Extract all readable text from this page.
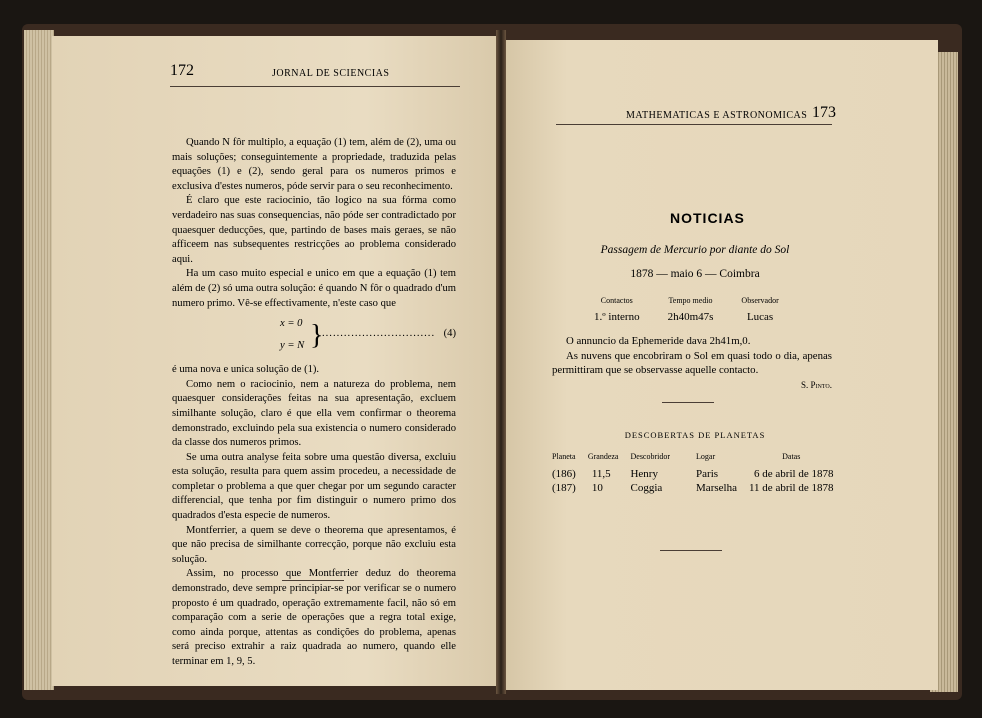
172	JORNAL DE SCIENCIAS

Quando N fôr multiplo, a equação (1) tem, além de (2), uma ou mais soluções; conseguintemente a propriedade, traduzida pelas equações (1) e (2), sendo geral para os numeros primos e exclusiva d'estes numeros, póde servir para o seu reconhecimento.

É claro que este raciocinio, tão logico na sua fórma como verdadeiro nas suas consequencias, não póde ser contradictado por quaesquer deducções, que, partindo de bases mais geraes, se não afficeem nas subsequentes restricções ao problema considerado aqui.

Ha um caso muito especial e unico em que a equação (1) tem além de (2) só uma outra solução: é quando N fôr o quadrado d'um numero primo. Vê-se effectivamente, n'este caso que

x = 0
y = N }
............................... (4)

é uma nova e unica solução de (1).

Como nem o raciocinio, nem a natureza do problema, nem quaesquer considerações feitas na sua apresentação, excluem similhante solução, claro é que ella vem confirmar o theorema demonstrado, excluindo pela sua existencia o numero considerado da classe dos numeros primos.

Se uma outra analyse feita sobre uma questão diversa, excluiu esta solução, resulta para quem assim procedeu, a necessidade de completar o problema a que quer chegar por um segundo caracter differencial, que tenha por fim distinguir o numero primo dos quadrados d'esta especie de numeros.

Montferrier, a quem se deve o theorema que apresentamos, é que não precisa de similhante correcção, porque não excluiu esta solução.

Assim, no processo que Montferrier deduz do theorema demonstrado, deve sempre principiar-se por verificar se o numero proposto é um quadrado, operação extremamente facil, não só em comparação com a serie de operações que a regra total exige, como ainda porque, attentas as condições do problema, apenas será preciso extrahir a raiz quadrada ao numero, quando elle terminar em 1, 9, 5.

MATHEMATICAS E ASTRONOMICAS 173
NOTICIAS
Passagem de Mercurio por diante do Sol
1878 — maio 6 — Coimbra
Contactos	Tempo medio	Observador
1.º interno	2h40m47s	Lucas

O annuncio da Ephemeride dava 2h41m,0.

As nuvens que encobriram o Sol em quasi todo o dia, apenas permittiram que se observasse aquelle contacto.

S. Pinto.

DESCOBERTAS DE PLANETAS
Planeta	Grandeza	Descobridor	Logar	Datas
(186)	11,5	Henry	Paris	6 de abril de 1878
(187)	10	Coggia	Marselha	11 de abril de 1878
